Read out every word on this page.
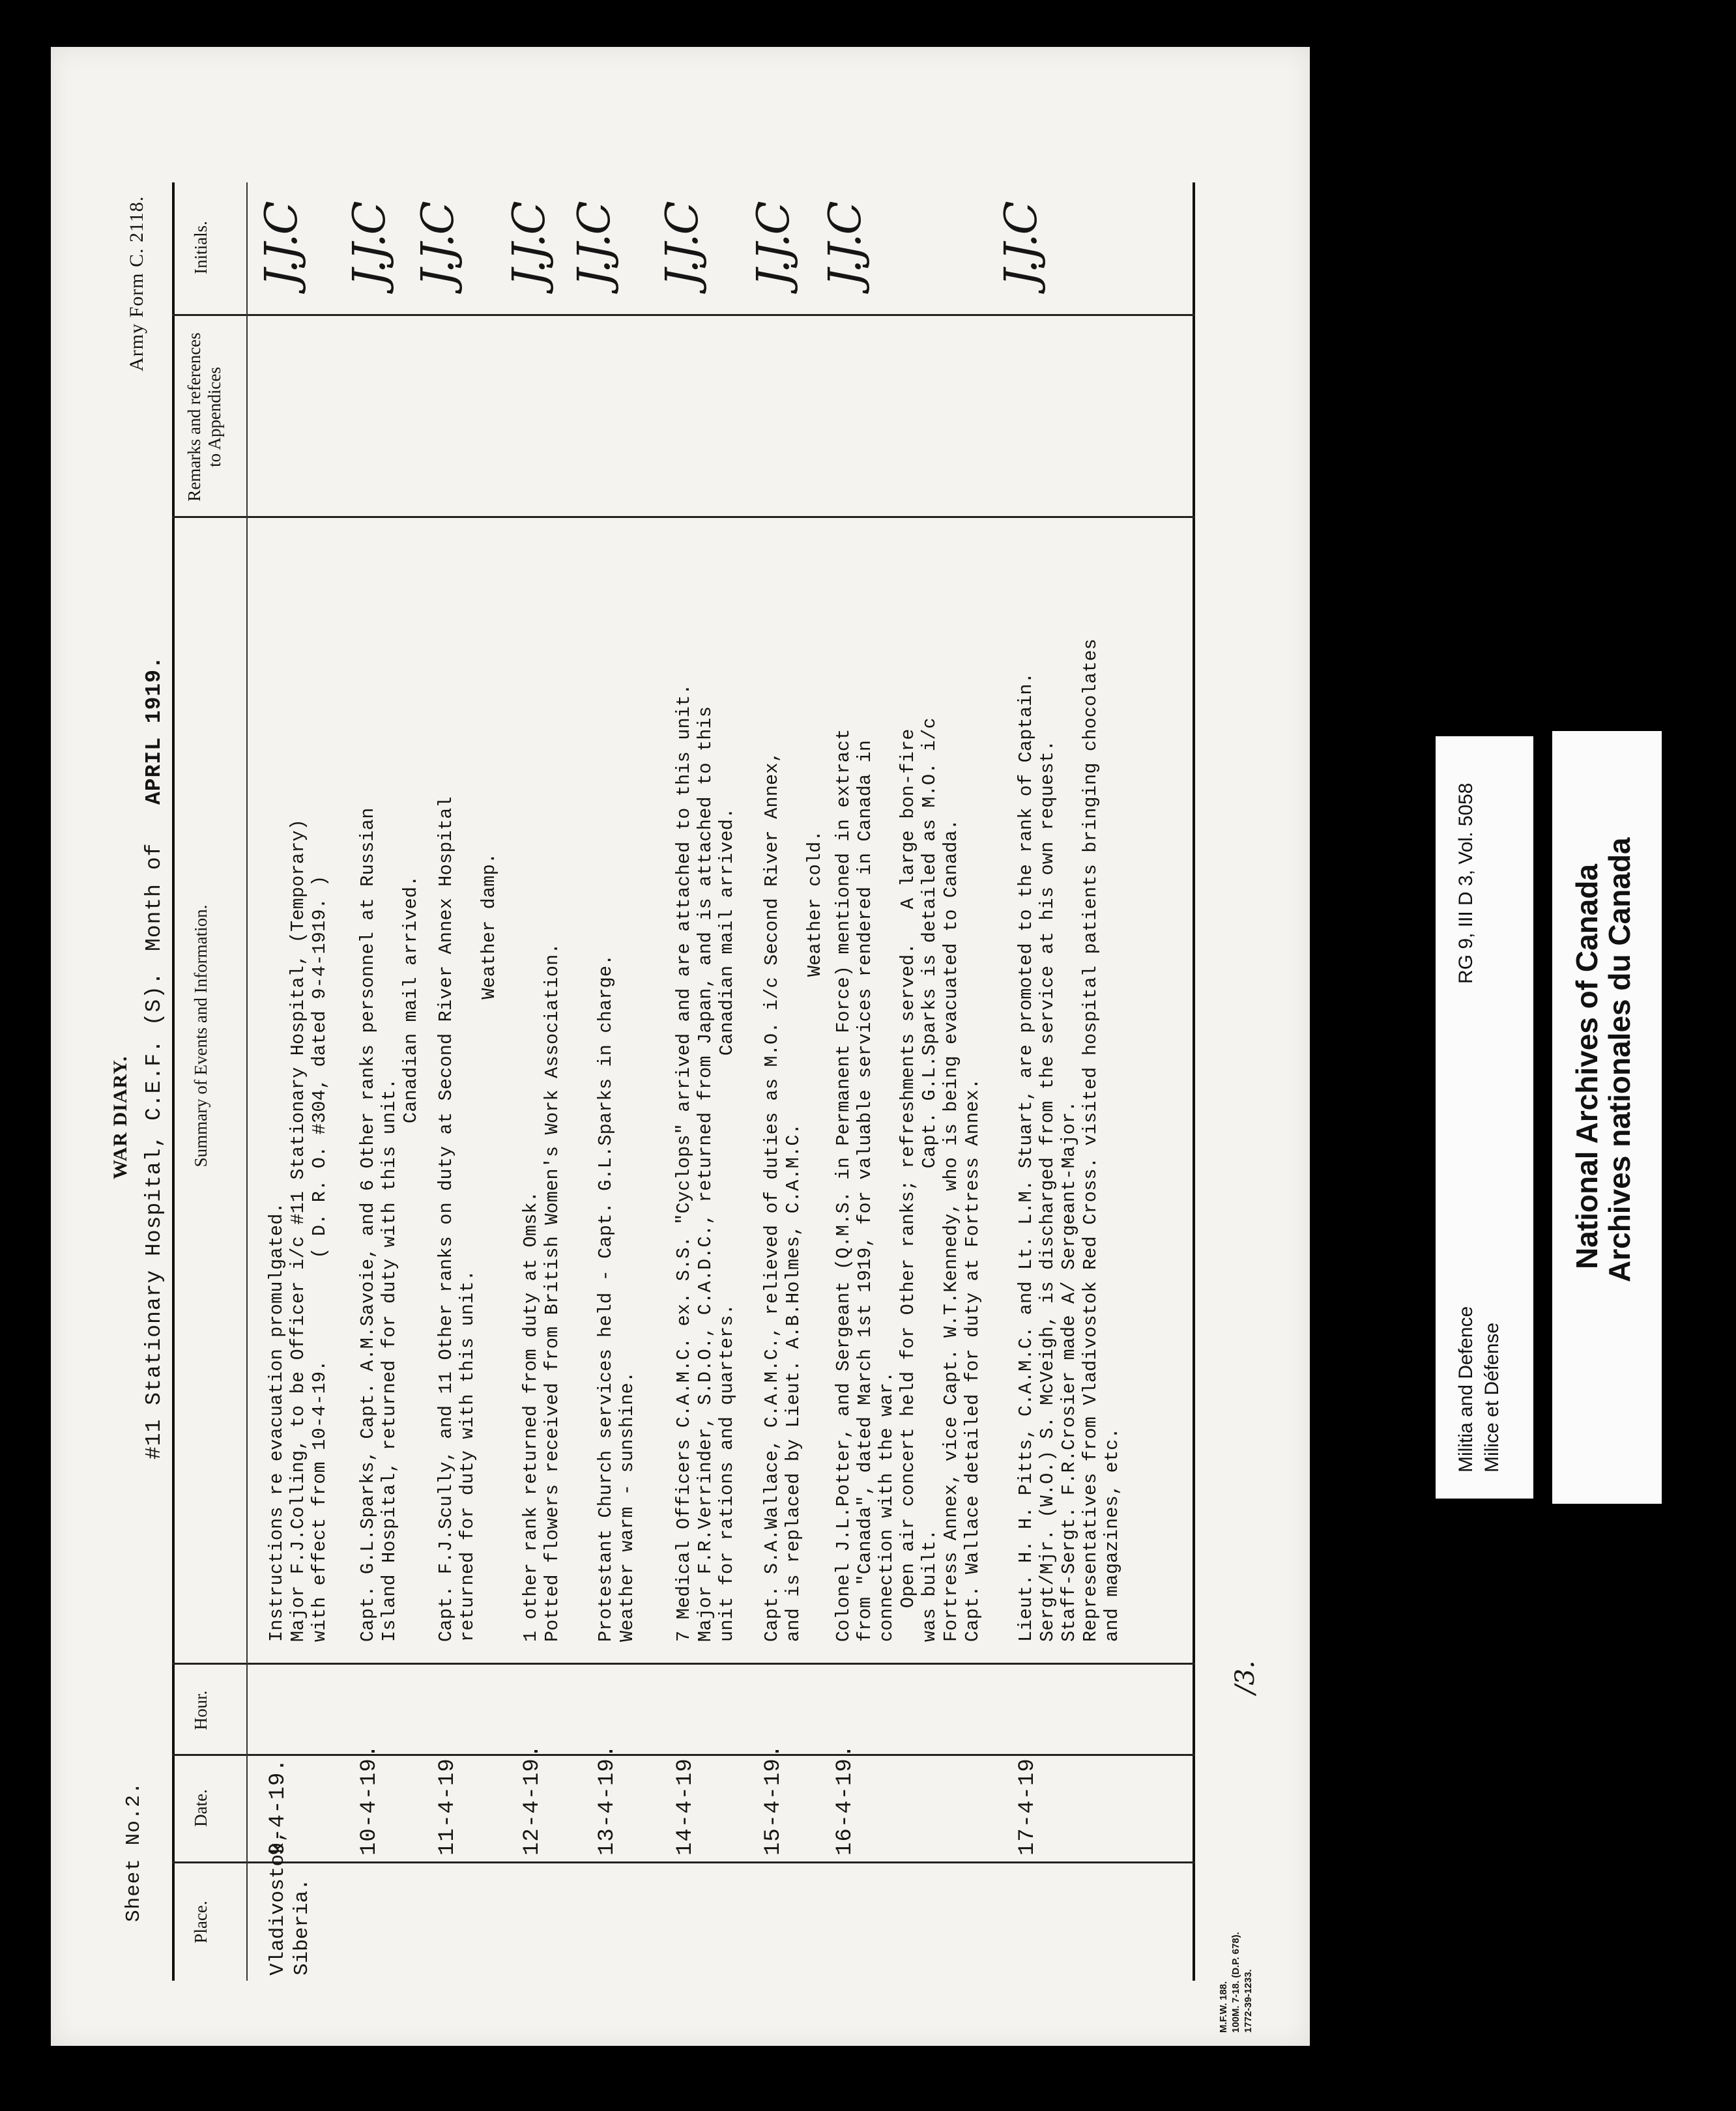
Sheet No.2.
WAR DIARY. #11 Stationary Hospital, C.E.F. (S).
Month of
APRIL 1919.
Army Form C. 2118.
Place.
Date.
Hour.
Summary of Events and Information.
Remarks and references to Appendices
Initials.
Vladivostok,
Siberia.
9-4-19.
Instructions re evacuation promulgated.
Major F.J.Colling, to be Officer i/c #11 Stationary Hospital, (Temporary)
with effect from 10-4-19.         ( D. R. O. #304, dated 9-4-1919. )
J.J.C
10-4-19.
Capt. G.L.Sparks, Capt. A.M.Savoie, and 6 Other ranks personnel at Russian
Island Hospital, returned for duty with this unit.
Canadian mail arrived.
J.J.C
11-4-19
Capt. F.J.Scully, and 11 Other ranks on duty at Second River Annex Hospital
returned for duty with this unit.
Weather damp.
J.J.C
12-4-19.
1 other rank returned from duty at Omsk.
Potted flowers received from British Women's Work Association.
J.J.C
13-4-19.
Protestant Church services held - Capt. G.L.Sparks in charge.
Weather warm - sunshine.
J.J.C
14-4-19
7 Medical Officers C.A.M.C. ex. S.S. "Cyclops" arrived and are attached to this unit.
Major F.R.Verrinder, S.D.O., C.A.D.C., returned from Japan, and is attached to this
unit for rations and quarters.                      Canadian mail arrived.
J.J.C
15-4-19.
Capt. S.A.Wallace, C.A.M.C., relieved of duties as M.O. i/c Second River Annex,
and is replaced by Lieut. A.B.Holmes, C.A.M.C.
Weather cold.
J.J.C
16-4-19.
Colonel J.L.Potter, and Sergeant (Q.M.S. in Permanent Force) mentioned in extract
from "Canada", dated March 1st 1919, for valuable services rendered in Canada in
connection with the war.
Open air concert held for Other ranks; refreshments served.   A large bon-fire
was built.                                Capt. G.L.Sparks is detailed as M.O. i/c
Fortress Annex, vice Capt. W.T.Kennedy, who is being evacuated to Canada.
Capt. Wallace detailed for duty at Fortress Annex.
J.J.C
17-4-19
Lieut. H. H. Pitts, C.A.M.C. and Lt. L.M. Stuart, are promoted to the rank of Captain.
Sergt/Mjr. (W.O.) S. McVeigh, is discharged from the service at his own request.
Staff-Sergt. F.R.Crosier made A/ Sergeant-Major.
Representatives from Vladivostok Red Cross. visited hospital patients bringing chocolates
and magazines, etc.
J.J.C
M.F.W. 188.
100M. 7-18. (D.P. 678).
1772-39-1233.
/3.
Militia and Defence Milice et Défense
RG 9, III D 3, Vol. 5058	National Archives of Canada
Archives nationales du Canada
